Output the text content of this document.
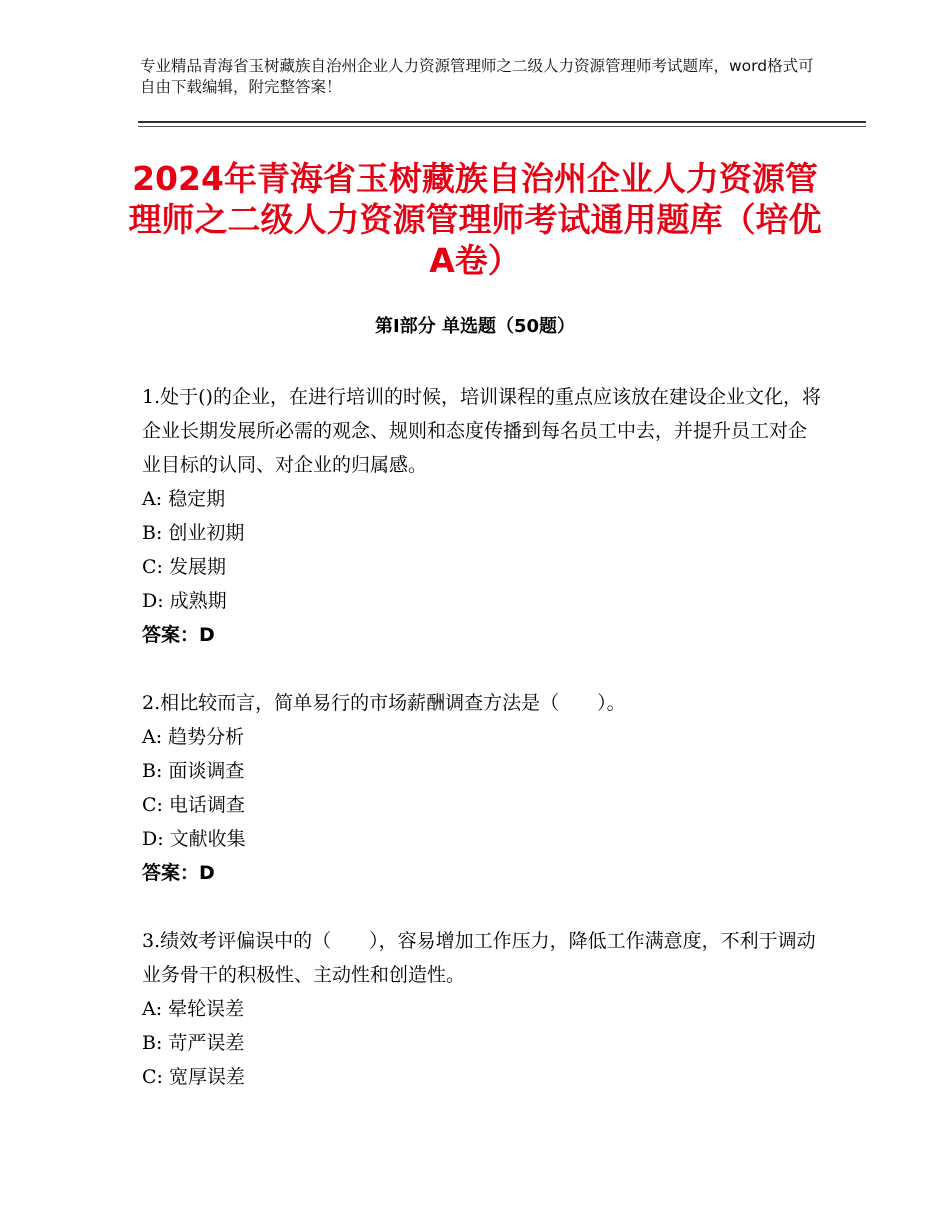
专业精品青海省玉树藏族自治州企业人力资源管理师之二级人力资源管理师考试题库，word格式可自由下载编辑，附完整答案！
2024年青海省玉树藏族自治州企业人力资源管理师之二级人力资源管理师考试通用题库（培优A卷）
第Ⅰ部分 单选题（50题）

1.处于()的企业，在进行培训的时候，培训课程的重点应该放在建设企业文化，将企业长期发展所必需的观念、规则和态度传播到每名员工中去，并提升员工对企业目标的认同、对企业的归属感。

A: 稳定期

B: 创业初期

C: 发展期

D: 成熟期

答案：D

2.相比较而言，简单易行的市场薪酬调查方法是（　　）。

A: 趋势分析

B: 面谈调查

C: 电话调查

D: 文献收集

答案：D

3.绩效考评偏误中的（　　），容易增加工作压力，降低工作满意度，不利于调动业务骨干的积极性、主动性和创造性。

A: 晕轮误差

B: 苛严误差

C: 宽厚误差
